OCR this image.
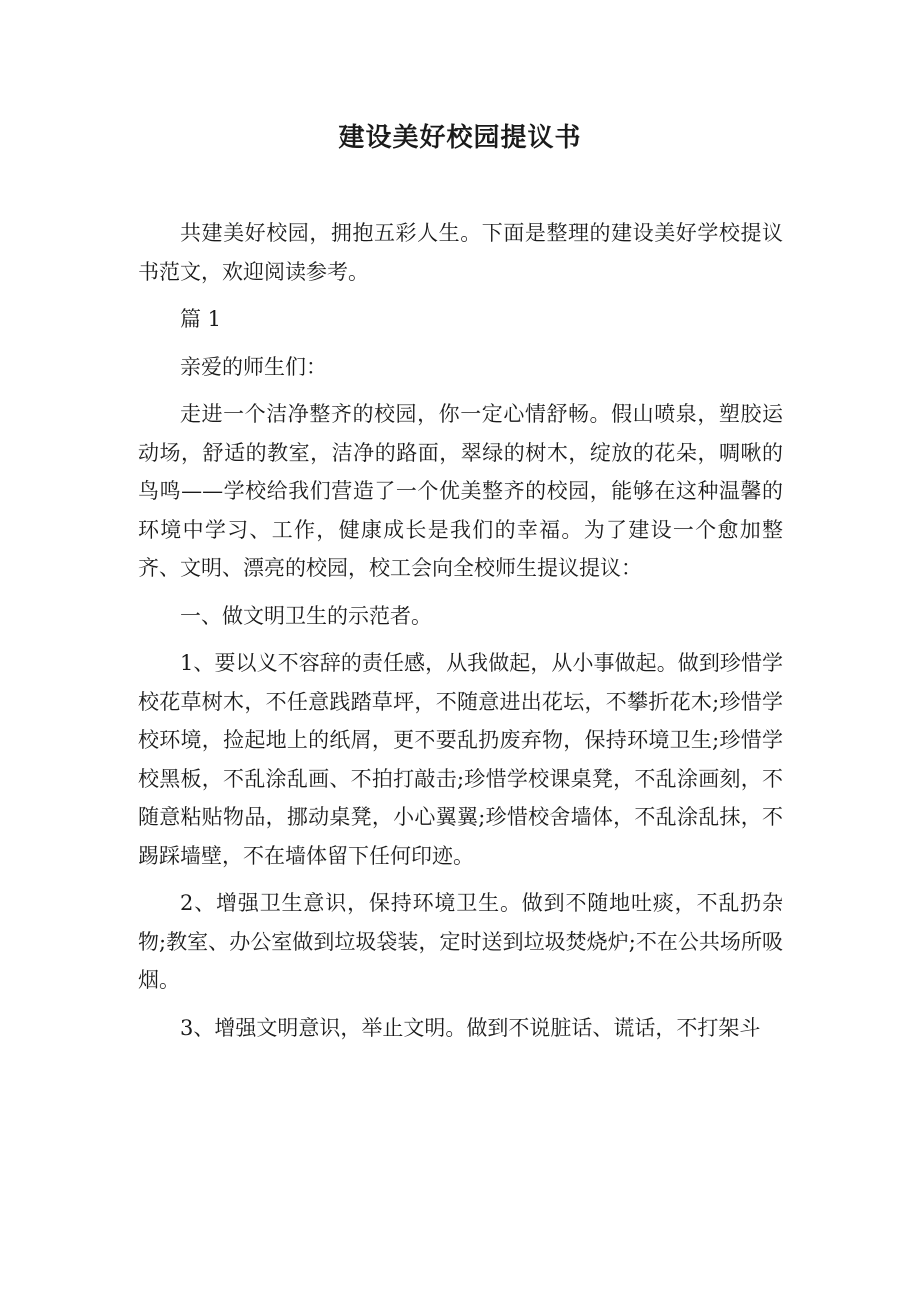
建设美好校园提议书

共建美好校园，拥抱五彩人生。下面是整理的建设美好学校提议书范文，欢迎阅读参考。

篇 1

亲爱的师生们：

走进一个洁净整齐的校园，你一定心情舒畅。假山喷泉，塑胶运动场，舒适的教室，洁净的路面，翠绿的树木，绽放的花朵，啁啾的鸟鸣——学校给我们营造了一个优美整齐的校园，能够在这种温馨的环境中学习、工作，健康成长是我们的幸福。为了建设一个愈加整齐、文明、漂亮的校园，校工会向全校师生提议提议：

一、做文明卫生的示范者。

1、要以义不容辞的责任感，从我做起，从小事做起。做到珍惜学校花草树木，不任意践踏草坪，不随意进出花坛，不攀折花木;珍惜学校环境，捡起地上的纸屑，更不要乱扔废弃物，保持环境卫生;珍惜学校黑板，不乱涂乱画、不拍打敲击;珍惜学校课桌凳，不乱涂画刻，不随意粘贴物品，挪动桌凳，小心翼翼;珍惜校舍墙体，不乱涂乱抹，不踢踩墙壁，不在墙体留下任何印迹。

2、增强卫生意识，保持环境卫生。做到不随地吐痰，不乱扔杂物;教室、办公室做到垃圾袋装，定时送到垃圾焚烧炉;不在公共场所吸烟。

3、增强文明意识，举止文明。做到不说脏话、谎话，不打架斗
